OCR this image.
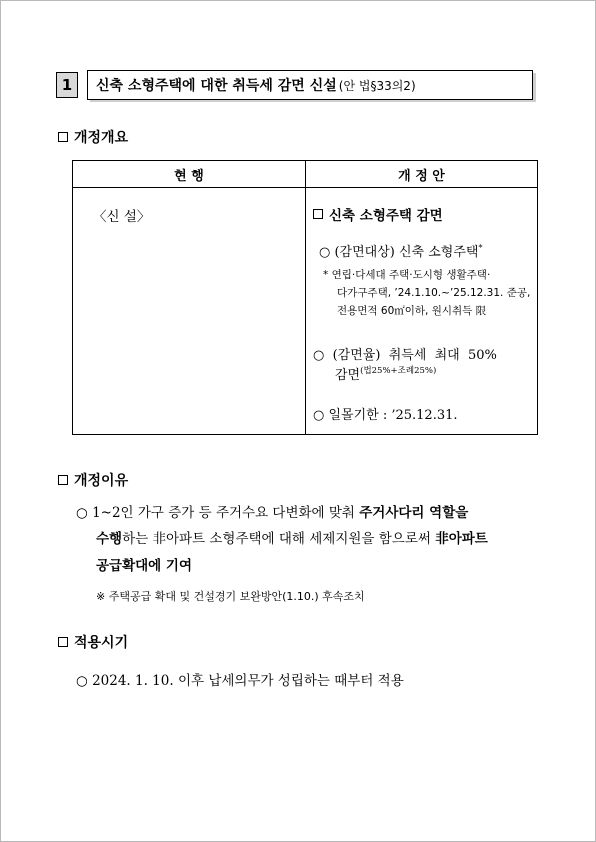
1	신축 소형주택에 대한 취득세 감면 신설 (안 법§33의2)
개정개요
현 행	개 정 안
〈신 설〉	신축 소형주택 감면
○ (감면대상) 신축 소형주택*
* 연립·다세대 주택·도시형 생활주택·
다가구주택, ’24.1.10.~’25.12.31. 준공,
전용면적 60㎡이하, 원시취득 限
○  (감면율)  취득세  최대  50%
감면$^{(법25\%+조례25\%)}$
○ 일몰기한 : ’25.12.31.
개정이유
○ 1~2인 가구 증가 등 주거수요 다변화에 맞춰 주거사다리 역할을
수행하는 非아파트 소형주택에 대해 세제지원을 함으로써 非아파트
공급확대에 기여
※ 주택공급 확대 및 건설경기 보완방안(1.10.) 후속조치
적용시기
○ 2024. 1. 10. 이후 납세의무가 성립하는 때부터 적용
